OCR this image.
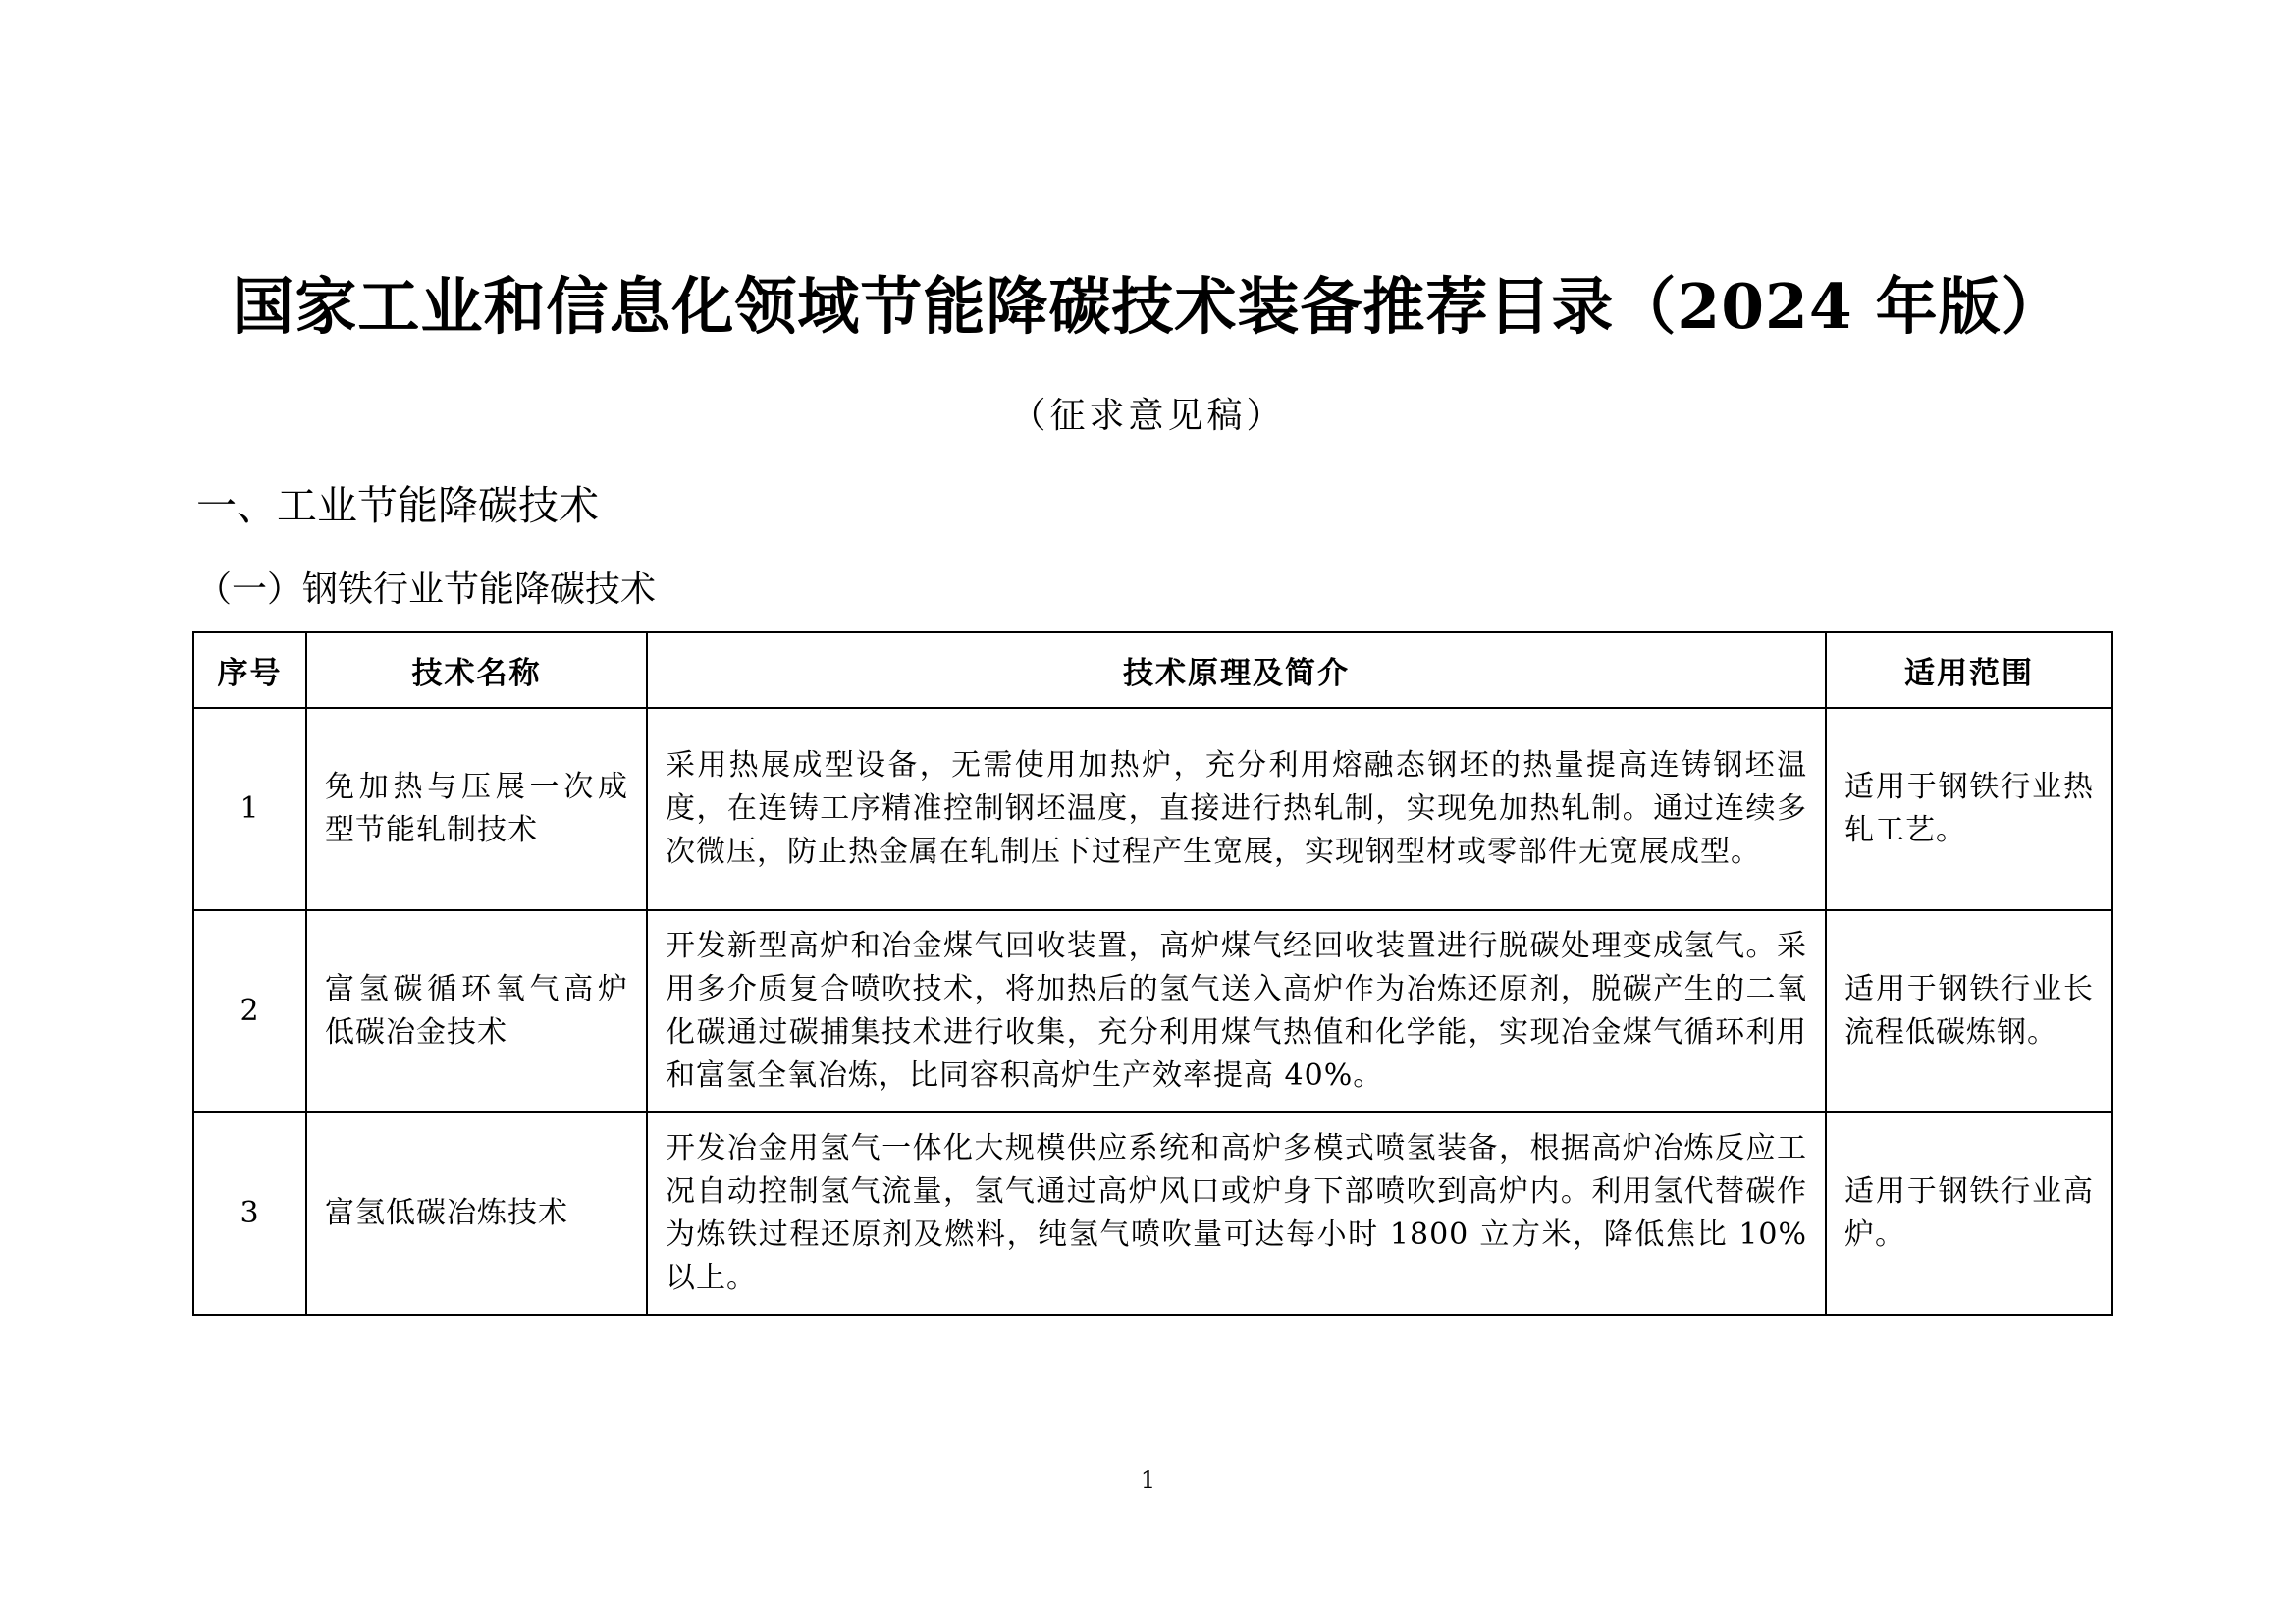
国家工业和信息化领域节能降碳技术装备推荐目录（2024 年版）
（征求意见稿）
一、工业节能降碳技术
（一）钢铁行业节能降碳技术
序号	技术名称	技术原理及简介	适用范围
1	免加热与压展一次成型节能轧制技术	采用热展成型设备，无需使用加热炉，充分利用熔融态钢坯的热量提高连铸钢坯温度，在连铸工序精准控制钢坯温度，直接进行热轧制，实现免加热轧制。通过连续多次微压，防止热金属在轧制压下过程产生宽展，实现钢型材或零部件无宽展成型。	适用于钢铁行业热轧工艺。
2	富氢碳循环氧气高炉低碳冶金技术	开发新型高炉和冶金煤气回收装置，高炉煤气经回收装置进行脱碳处理变成氢气。采用多介质复合喷吹技术，将加热后的氢气送入高炉作为冶炼还原剂，脱碳产生的二氧化碳通过碳捕集技术进行收集，充分利用煤气热值和化学能，实现冶金煤气循环利用和富氢全氧冶炼，比同容积高炉生产效率提高 40%。	适用于钢铁行业长流程低碳炼钢。
3	富氢低碳冶炼技术	开发冶金用氢气一体化大规模供应系统和高炉多模式喷氢装备，根据高炉冶炼反应工况自动控制氢气流量，氢气通过高炉风口或炉身下部喷吹到高炉内。利用氢代替碳作为炼铁过程还原剂及燃料，纯氢气喷吹量可达每小时 1800 立方米，降低焦比 10%以上。	适用于钢铁行业高炉。
1
